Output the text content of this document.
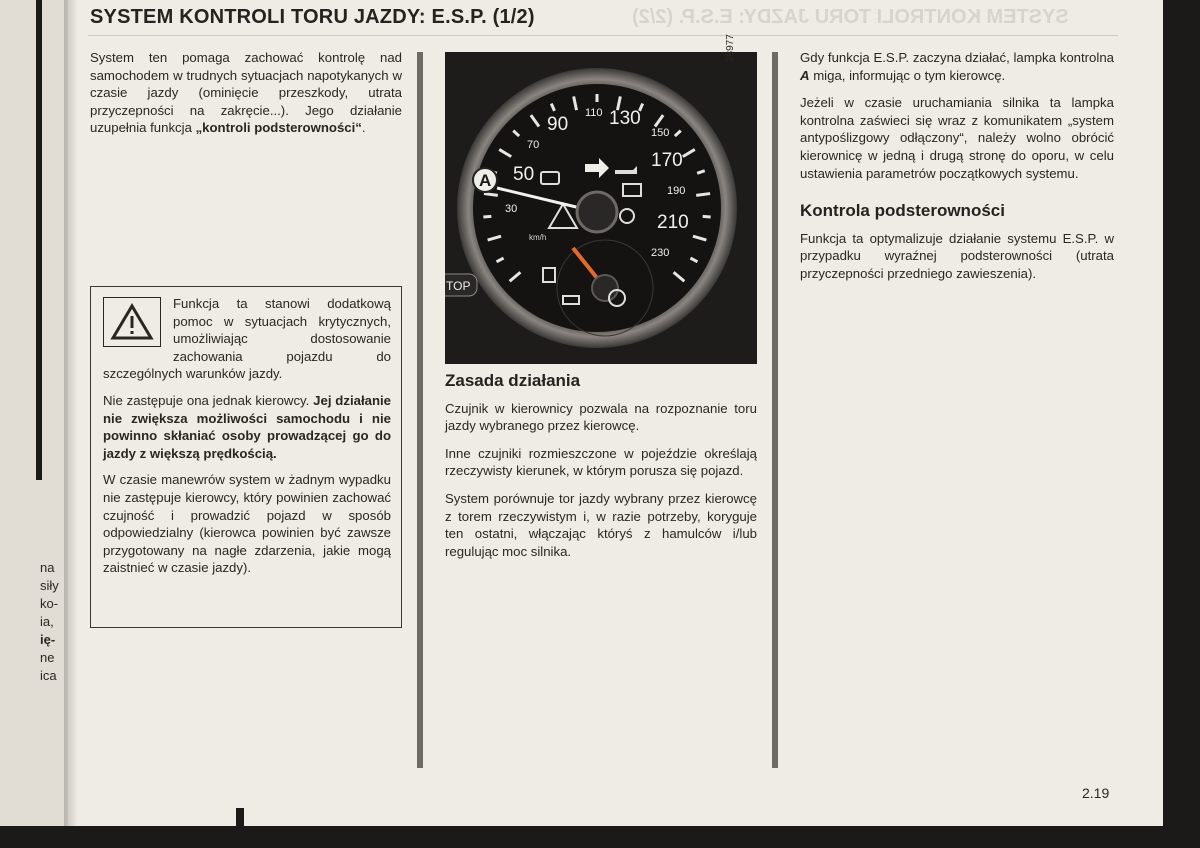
na
siły
ko-
ia,
ię-
ne
ica
SYSTEM KONTROLI TORU JAZDY: E.S.P. (2/2)
SYSTEM KONTROLI TORU JAZDY: E.S.P. (1/2)

System ten pomaga zachować kontrolę nad samochodem w trudnych sytuacjach napotykanych w czasie jazdy (ominięcie przeszkody, utrata przyczepności na zakręcie...). Jego działanie uzupełnia funkcja „kontroli podsterowności“.

Funkcja ta stanowi dodatkową pomoc w sytuacjach krytycznych, umożliwiając dostosowanie zachowania pojazdu do szczególnych warunków jazdy.

Nie zastępuje ona jednak kierowcy. Jej działanie nie zwiększa możliwości samochodu i nie powinno skłaniać osoby prowadzącej go do jazdy z większą prędkością.

W czasie manewrów system w żadnym wypadku nie zastępuje kierowcy, który powinien zachować czujność i prowadzić pojazd w sposób odpowiedzialny (kierowca powinien być zawsze przygotowany na nagłe zdarzenia, jakie mogą zaistnieć w czasie jazdy).

90
110 130
150
70
50
170
190
210
230
30
km/h
A
TOP
28977
Zasada działania

Czujnik w kierownicy pozwala na rozpoznanie toru jazdy wybranego przez kierowcę.

Inne czujniki rozmieszczone w pojeździe określają rzeczywisty kierunek, w którym porusza się pojazd.

System porównuje tor jazdy wybrany przez kierowcę z torem rzeczywistym i, w razie potrzeby, koryguje ten ostatni, włączając któryś z hamulców i/lub regulując moc silnika.

Gdy funkcja E.S.P. zaczyna działać, lampka kontrolna A miga, informując o tym kierowcę.

Jeżeli w czasie uruchamiania silnika ta lampka kontrolna zaświeci się wraz z komunikatem „system antypoślizgowy odłączony“, należy wolno obrócić kierownicę w jedną i drugą stronę do oporu, w celu ustawienia parametrów początkowych systemu.

Kontrola podsterowności

Funkcja ta optymalizuje działanie systemu E.S.P. w przypadku wyraźnej podsterowności (utrata przyczepności przedniego zawieszenia).

2.19
